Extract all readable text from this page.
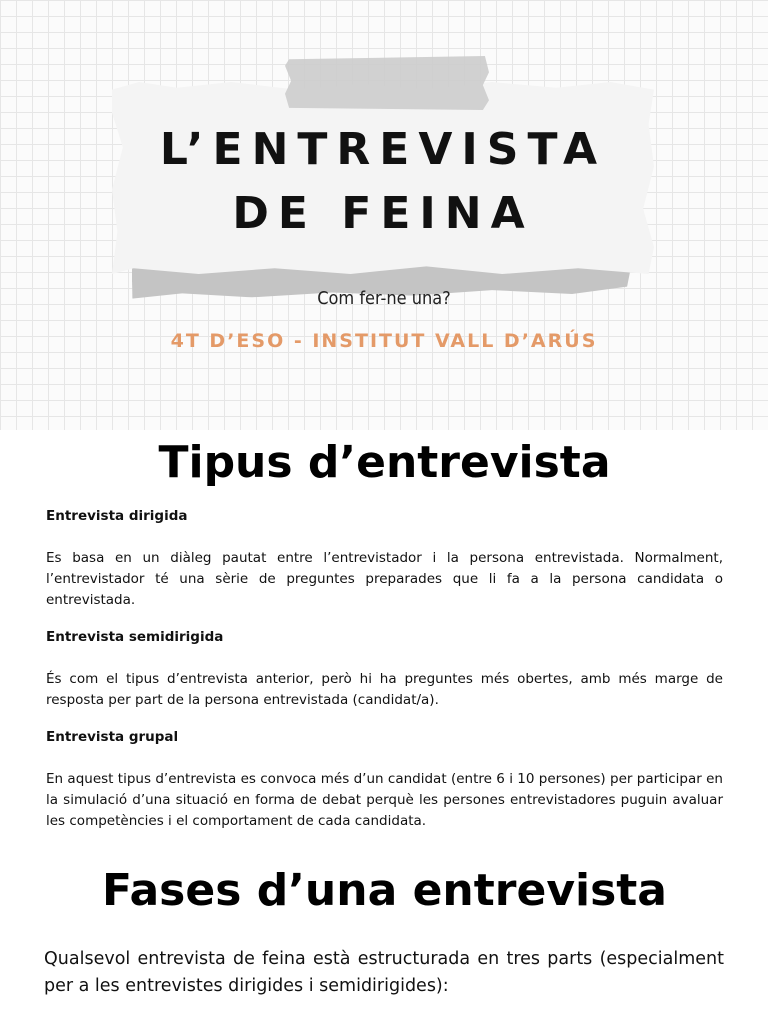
L’ENTREVISTA
DE FEINA
Com fer-ne una?
4T D’ESO - INSTITUT VALL D’ARÚS
Tipus d’entrevista

Entrevista dirigida

Es basa en un diàleg pautat entre l’entrevistador i la persona entrevistada. Normalment, l’entrevistador té una sèrie de preguntes preparades que li fa a la persona candidata o entrevistada.

Entrevista semidirigida

És com el tipus d’entrevista anterior, però hi ha preguntes més obertes, amb més marge de resposta per part de la persona entrevistada (candidat/a).

Entrevista grupal

En aquest tipus d’entrevista es convoca més d’un candidat (entre 6 i 10 persones) per participar en la simulació d’una situació en forma de debat perquè les persones entrevistadores puguin avaluar les competències i el comportament de cada candidata.

Fases d’una entrevista

Qualsevol entrevista de feina està estructurada en tres parts (especialment per a les entrevistes dirigides i semidirigides):
